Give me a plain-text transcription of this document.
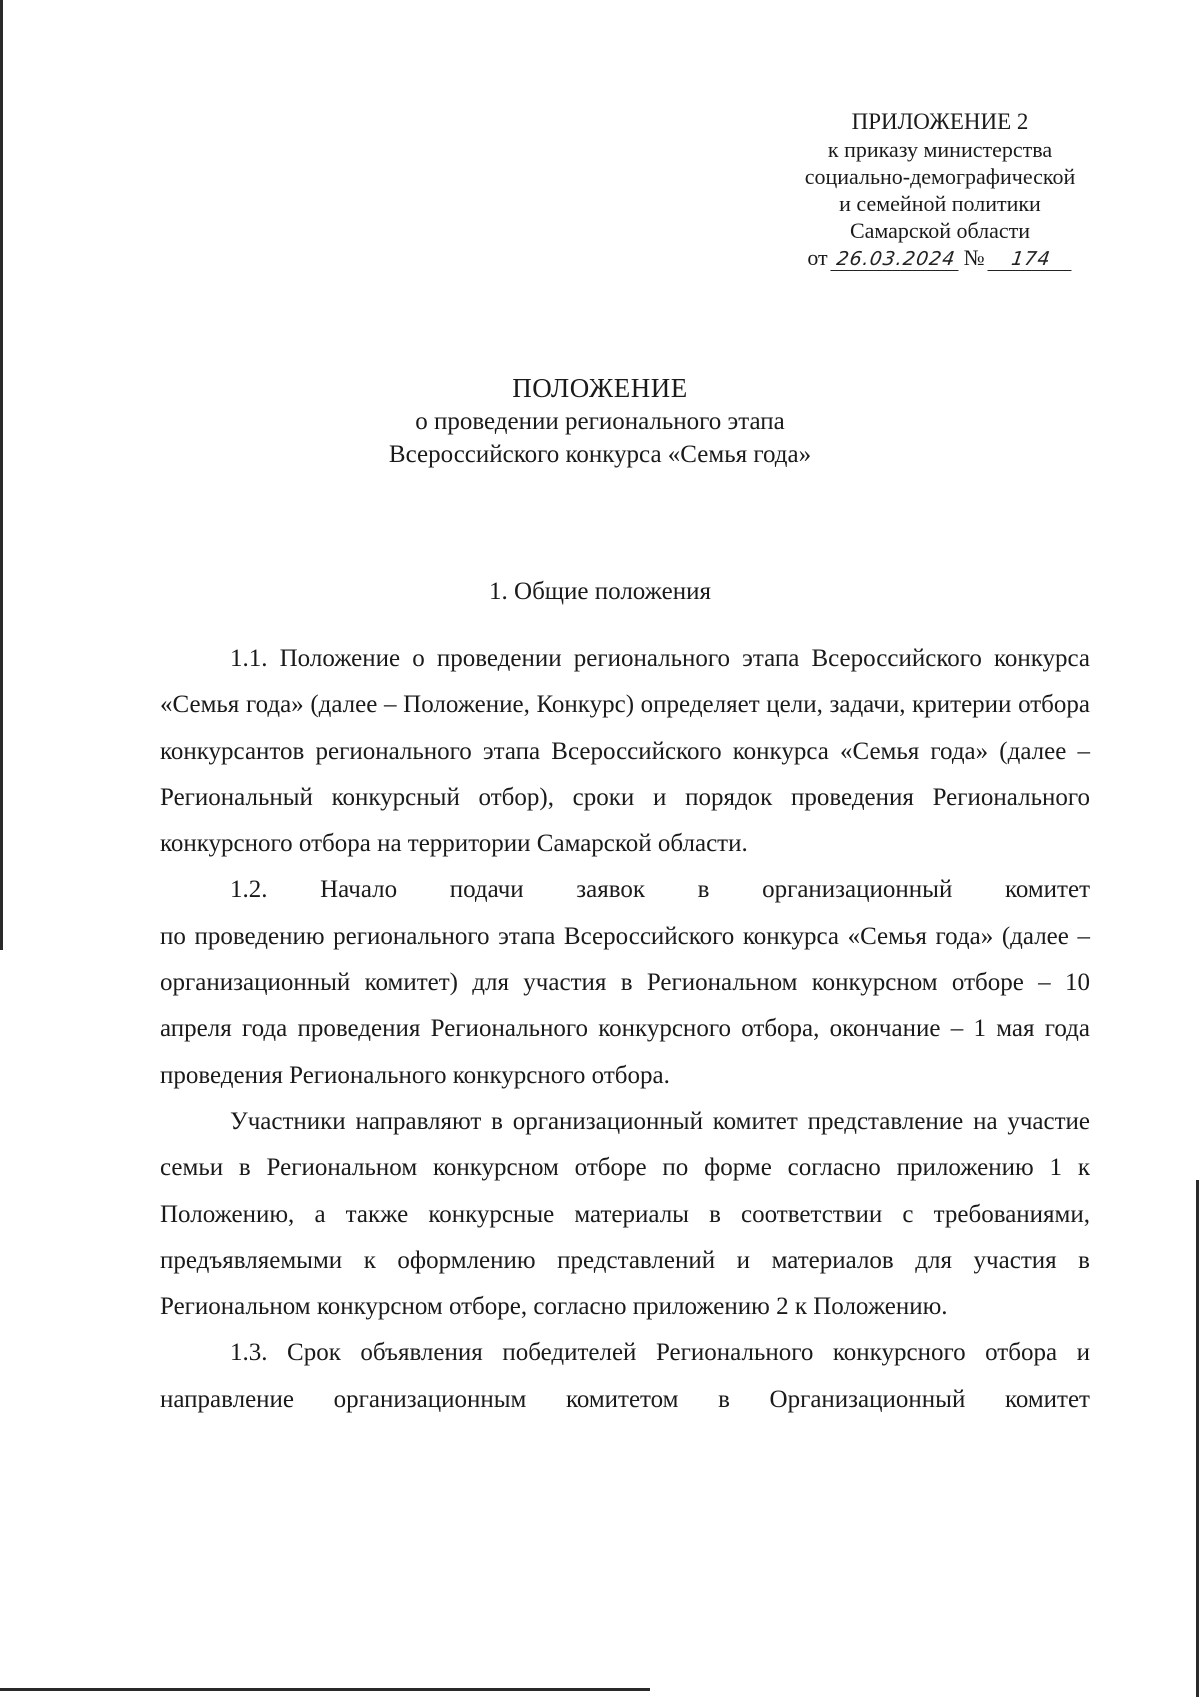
ПРИЛОЖЕНИЕ 2
к приказу министерства
социально-демографической
и семейной политики
Самарской области
от 26.03.2024 №	174
ПОЛОЖЕНИЕ
о проведении регионального этапа
Всероссийского конкурса «Семья года»
1. Общие положения

1.1. Положение о проведении регионального этапа Всероссийского конкурса «Семья года» (далее – Положение, Конкурс) определяет цели, задачи, критерии отбора конкурсантов регионального этапа Всероссийского конкурса «Семья года» (далее – Региональный конкурсный отбор), сроки и порядок проведения Регионального конкурсного отбора на территории Самарской области.

1.2. Начало подачи заявок в организационный комитет

по проведению регионального этапа Всероссийского конкурса «Семья года» (далее – организационный комитет) для участия в Региональном конкурсном отборе – 10 апреля года проведения Регионального конкурсного отбора, окончание – 1 мая года проведения Регионального конкурсного отбора.

Участники направляют в организационный комитет представление на участие семьи в Региональном конкурсном отборе по форме согласно приложению 1 к Положению, а также конкурсные материалы в соответствии с требованиями, предъявляемыми к оформлению представлений и материалов для участия в Региональном конкурсном отборе, согласно приложению 2 к Положению.

1.3. Срок объявления победителей Регионального конкурсного отбора и направление организационным комитетом в Организационный комитет
